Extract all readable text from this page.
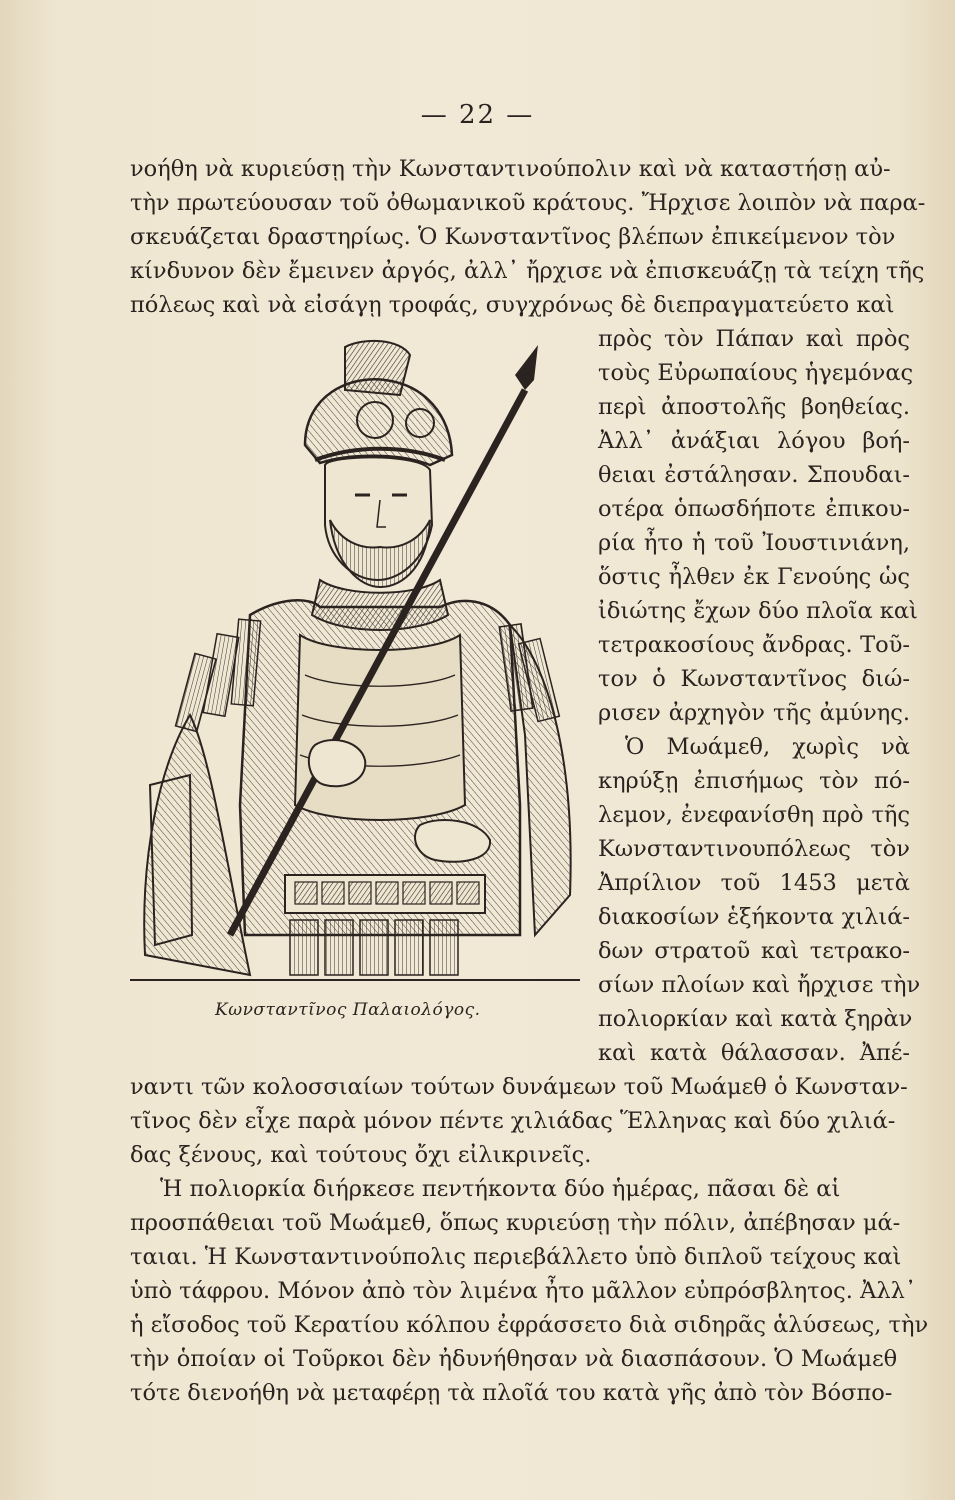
— 22 —
νοήθη νὰ κυριεύσῃ τὴν Κωνσταντινούπολιν καὶ νὰ καταστήσῃ αὐ-
τὴν πρωτεύουσαν τοῦ ὀθωμανικοῦ κράτους. Ἤρχισε λοιπὸν νὰ παρα-
σκευάζεται δραστηρίως. Ὁ Κωνσταντῖνος βλέπων ἐπικείμενον τὸν
κίνδυνον δὲν ἔμεινεν ἀργός, ἀλλ᾽ ἤρχισε νὰ ἐπισκευάζῃ τὰ τείχη τῆς
πόλεως καὶ νὰ εἰσάγῃ τροφάς, συγχρόνως δὲ διεπραγματεύετο καὶ
Κωνσταντῖνος Παλαιολόγος.
πρὸς τὸν Πάπαν καὶ πρὸς
τοὺς Εὐρωπαίους ἡγεμόνας
περὶ ἀποστολῆς βοηθείας.
Ἀλλ᾽ ἀνάξιαι λόγου βοή-
θειαι ἐστάλησαν. Σπουδαι-
οτέρα ὁπωσδήποτε ἐπικου-
ρία ἦτο ἡ τοῦ Ἰουστινιάνη,
ὅστις ἦλθεν ἐκ Γενούης ὡς
ἰδιώτης ἔχων δύο πλοῖα καὶ
τετρακοσίους ἄνδρας. Τοῦ-
τον ὁ Κωνσταντῖνος διώ-
ρισεν ἀρχηγὸν τῆς ἀμύνης.
Ὁ Μωάμεθ, χωρὶς νὰ
κηρύξῃ ἐπισήμως τὸν πό-
λεμον, ἐνεφανίσθη πρὸ τῆς
Κωνσταντινουπόλεως τὸν
Ἀπρίλιον τοῦ 1453 μετὰ
διακοσίων ἑξήκοντα χιλιά-
δων στρατοῦ καὶ τετρακο-
σίων πλοίων καὶ ἤρχισε τὴν
πολιορκίαν καὶ κατὰ ξηρὰν
καὶ κατὰ θάλασσαν. Ἀπέ-
ναντι τῶν κολοσσιαίων τούτων δυνάμεων τοῦ Μωάμεθ ὁ Κωνσταν-
τῖνος δὲν εἶχε παρὰ μόνον πέντε χιλιάδας Ἕλληνας καὶ δύο χιλιά-
δας ξένους, καὶ τούτους ὄχι εἰλικρινεῖς.
Ἡ πολιορκία διήρκεσε πεντήκοντα δύο ἡμέρας, πᾶσαι δὲ αἱ
προσπάθειαι τοῦ Μωάμεθ, ὅπως κυριεύσῃ τὴν πόλιν, ἀπέβησαν μά-
ταιαι. Ἡ Κωνσταντινούπολις περιεβάλλετο ὑπὸ διπλοῦ τείχους καὶ
ὑπὸ τάφρου. Μόνον ἀπὸ τὸν λιμένα ἦτο μᾶλλον εὐπρόσβλητος. Ἀλλ᾽
ἡ εἴσοδος τοῦ Κερατίου κόλπου ἐφράσσετο διὰ σιδηρᾶς ἁλύσεως, τὴν
τὴν ὁποίαν οἱ Τοῦρκοι δὲν ἠδυνήθησαν νὰ διασπάσουν. Ὁ Μωάμεθ
τότε διενοήθη νὰ μεταφέρῃ τὰ πλοῖά του κατὰ γῆς ἀπὸ τὸν Βόσπο-
